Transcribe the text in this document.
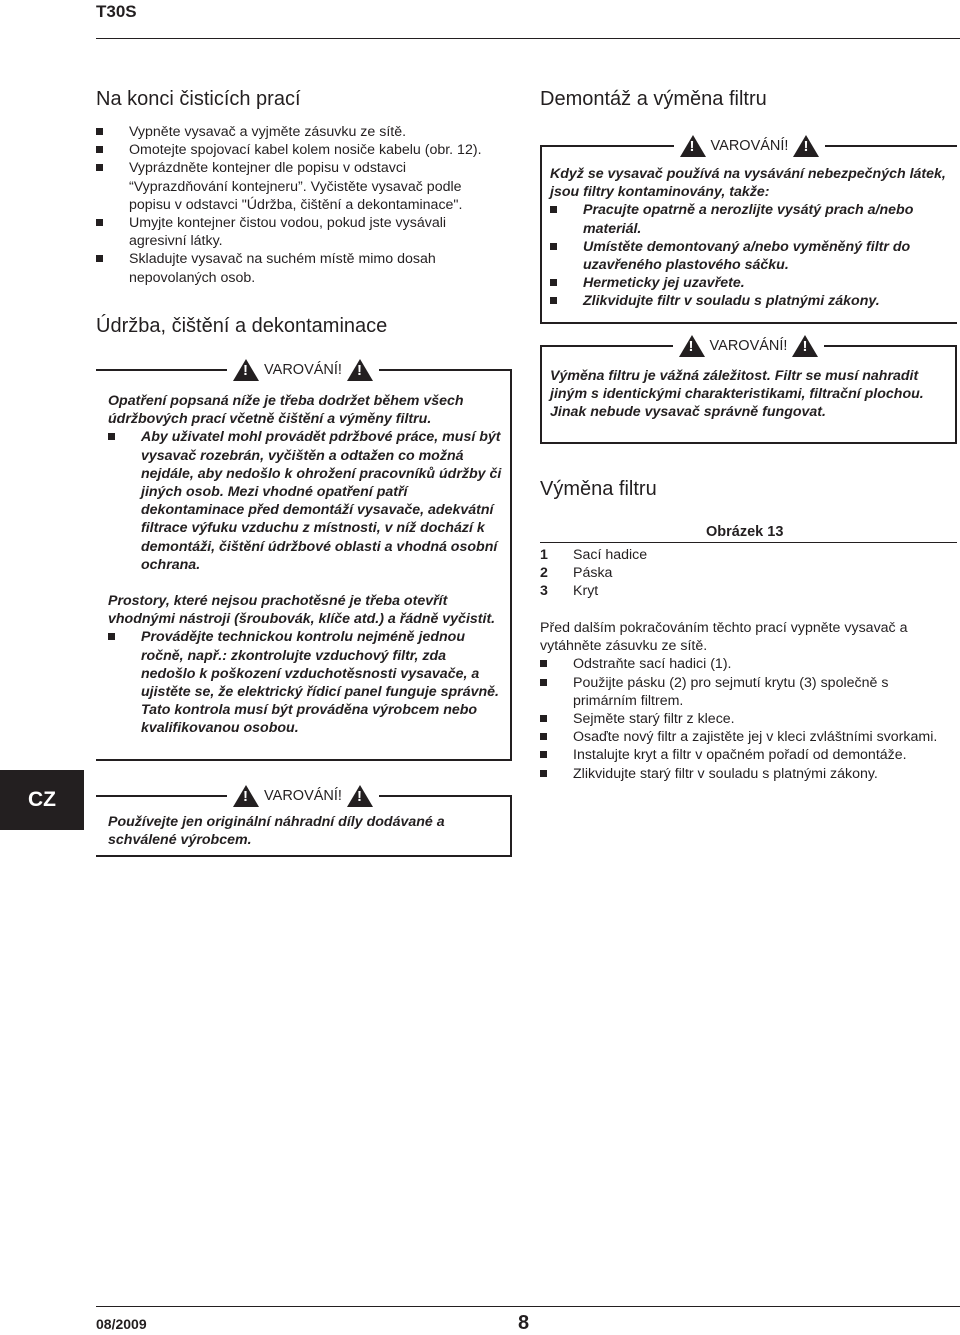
T30S
Na konci čisticích prací
Vypněte vysavač a vyjměte zásuvku ze sítě.
Omotejte spojovací kabel kolem nosiče kabelu (obr. 12).
Vyprázdněte kontejner dle popisu v odstavci “Vyprazdňování kontejneru”. Vyčistěte vysavač podle popisu v odstavci "Údržba, čištění a dekontaminace".
Umyjte kontejner čistou vodou, pokud jste vysávali agresivní látky.
Skladujte vysavač na suchém místě mimo dosah nepovolaných osob.
Údržba, čištění a dekontaminace
!
VAROVÁNÍ!
!

Opatření popsaná níže je třeba dodržet během všech údržbových prací včetně čištění a výměny filtru.

Aby uživatel mohl provádět pdržbové práce, musí být vysavač rozebrán, vyčištěn a odtažen co možná nejdále, aby nedošlo k ohrožení pracovníků údržby či jiných osob. Mezi vhodné opatření patří dekontaminace před demontáží vysavače, adekvátní filtrace výfuku vzduchu z místnosti, v níž dochází k demontáži, čištění údržbové oblasti a vhodná osobní ochrana.

Prostory, které nejsou prachotěsné je třeba otevřít vhodnými nástroji (šroubovák, klíče atd.) a řádně vyčistit.

Provádějte technickou kontrolu nejméně jednou ročně, např.: zkontrolujte vzduchový filtr, zda nedošlo k poškození vzduchotěsnosti vysavače, a ujistěte se, že elektrický řídicí panel funguje správně. Tato kontrola musí být prováděna výrobcem nebo kvalifikovanou osobou.
!
VAROVÁNÍ!
!
Používejte jen originální náhradní díly dodávané a schválené výrobcem.
Demontáž a výměna filtru
!
VAROVÁNÍ!
!

Když se vysavač používá na vysávání nebezpečných látek, jsou filtry kontaminovány, takže:

Pracujte opatrně a nerozlijte vysátý prach a/nebo materiál.
Umístěte demontovaný a/nebo vyměněný filtr do uzavřeného plastového sáčku.
Hermeticky jej uzavřete.
Zlikvidujte filtr v souladu s platnými zákony.
!
VAROVÁNÍ!
!

Výměna filtru je vážná záležitost. Filtr se musí nahradit jiným s identickými charakteristikami, filtrační plochou.

Jinak nebude vysavač správně fungovat.

Výměna filtru
Obrázek 13
1	Sací hadice
2	Páska
3	Kryt

Před dalším pokračováním těchto prací vypněte vysavač a vytáhněte zásuvku ze sítě.

Odstraňte sací hadici (1).
Použijte pásku (2) pro sejmutí krytu (3) společně s primárním filtrem.
Sejměte starý filtr z klece.
Osaďte nový filtr a zajistěte jej v kleci zvláštními svorkami.
Instalujte kryt a filtr v opačném pořadí od demontáže.
Zlikvidujte starý filtr v souladu s platnými zákony.
CZ
08/2009	8
